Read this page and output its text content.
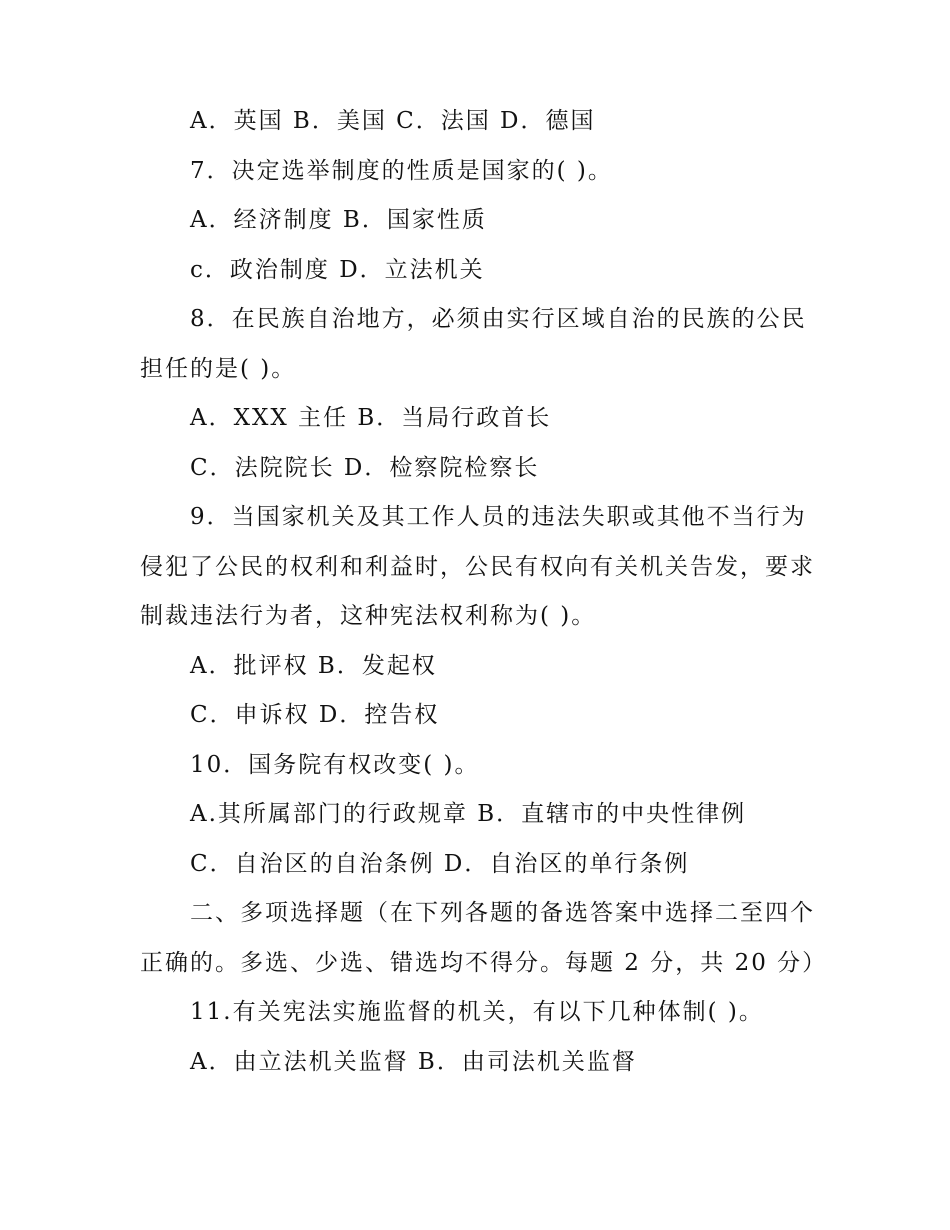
A．英国 B．美国 C．法国 D．德国
7．决定选举制度的性质是国家的( )。
A．经济制度 B．国家性质
c．政治制度 D．立法机关
8．在民族自治地方，必须由实行区域自治的民族的公民
担任的是( )。
A．XXX 主任 B．当局行政首长
C．法院院长 D．检察院检察长
9．当国家机关及其工作人员的违法失职或其他不当行为
侵犯了公民的权利和利益时，公民有权向有关机关告发，要求
制裁违法行为者，这种宪法权利称为( )。
A．批评权 B．发起权
C．申诉权 D．控告权
10．国务院有权改变( )。
A.其所属部门的行政规章 B．直辖市的中央性律例
C．自治区的自治条例 D．自治区的单行条例
二、多项选择题（在下列各题的备选答案中选择二至四个
正确的。多选、少选、错选均不得分。每题 2 分，共 20 分）
11.有关宪法实施监督的机关，有以下几种体制( )。
A．由立法机关监督 B．由司法机关监督
